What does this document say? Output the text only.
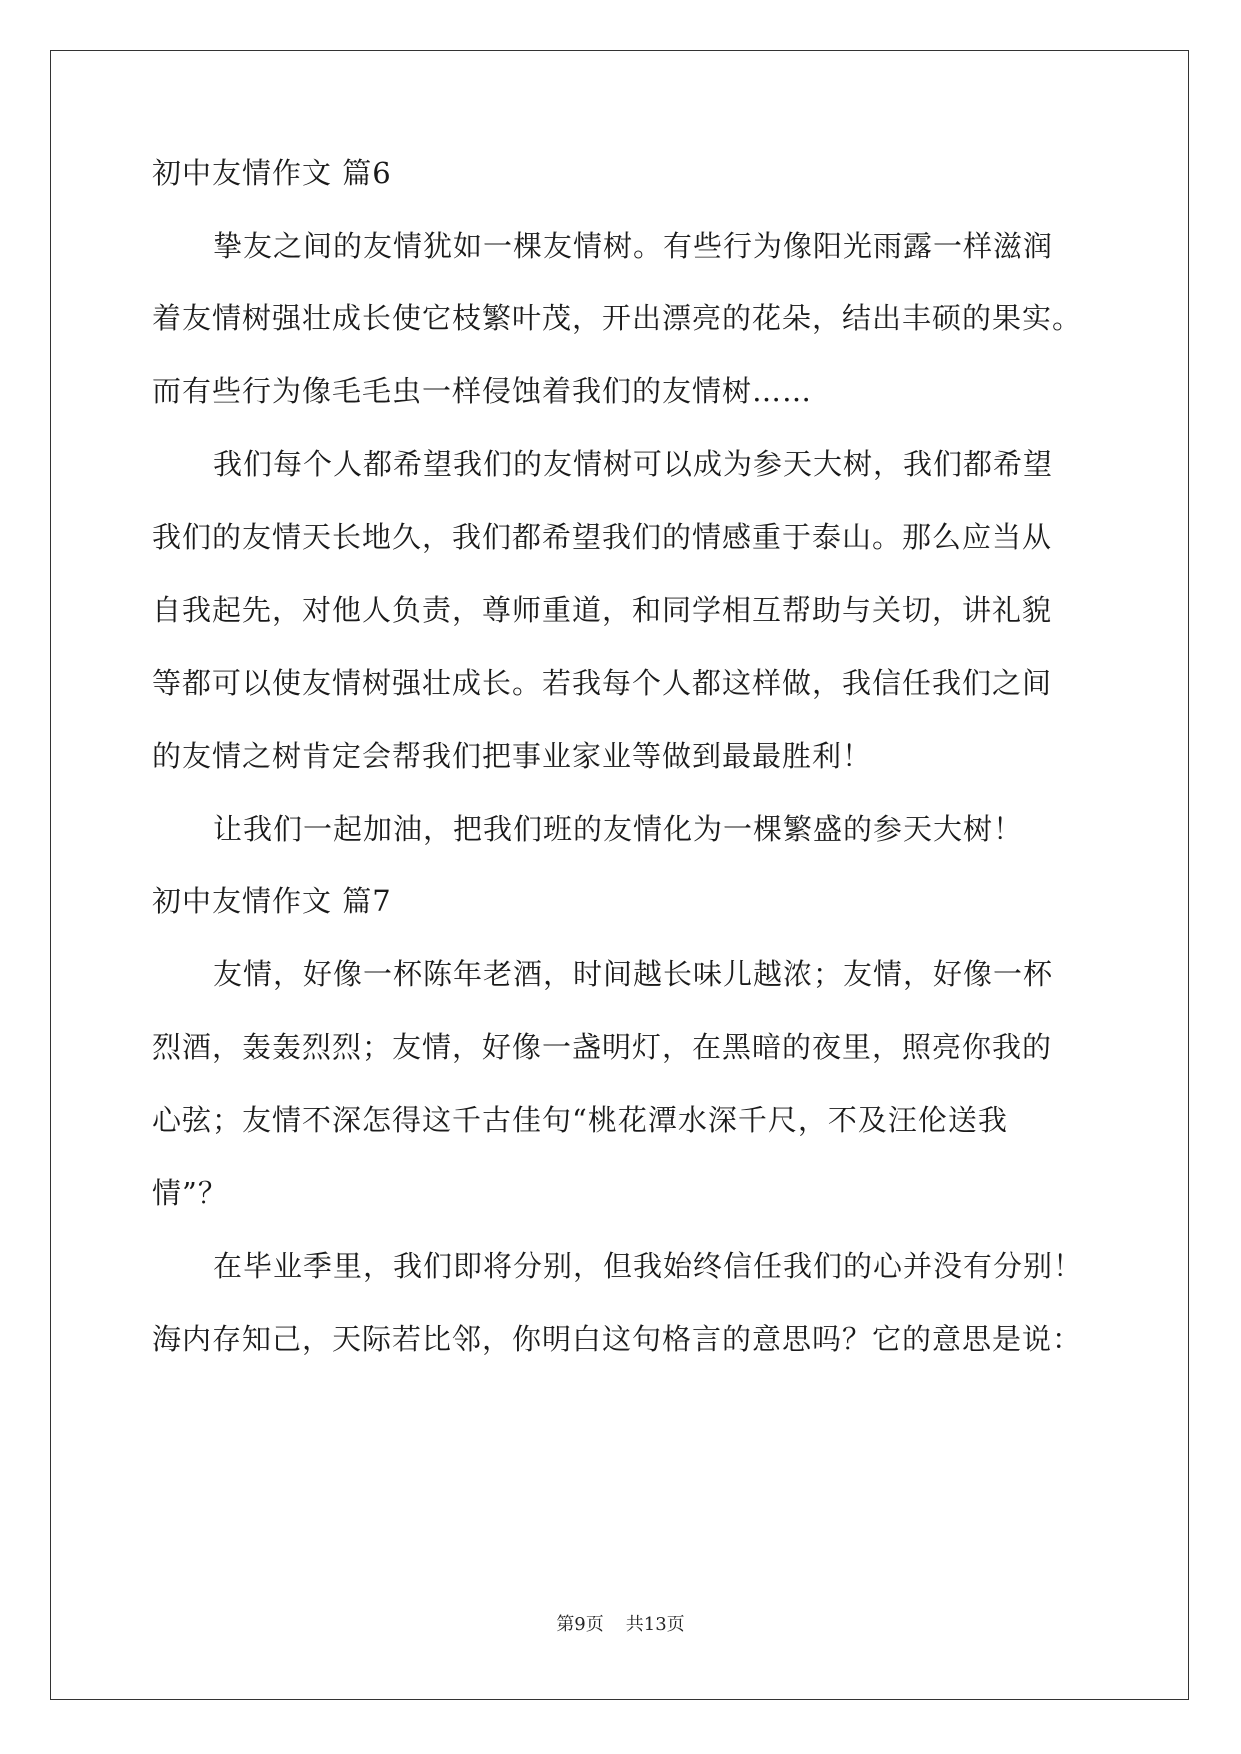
初中友情作文 篇6
挚友之间的友情犹如一棵友情树。有些行为像阳光雨露一样滋润
着友情树强壮成长使它枝繁叶茂，开出漂亮的花朵，结出丰硕的果实。
而有些行为像毛毛虫一样侵蚀着我们的友情树……
我们每个人都希望我们的友情树可以成为参天大树，我们都希望
我们的友情天长地久，我们都希望我们的情感重于泰山。那么应当从
自我起先，对他人负责，尊师重道，和同学相互帮助与关切，讲礼貌
等都可以使友情树强壮成长。若我每个人都这样做，我信任我们之间
的友情之树肯定会帮我们把事业家业等做到最最胜利！
让我们一起加油，把我们班的友情化为一棵繁盛的参天大树！
初中友情作文 篇7
友情，好像一杯陈年老酒，时间越长味儿越浓；友情，好像一杯
烈酒，轰轰烈烈；友情，好像一盏明灯，在黑暗的夜里，照亮你我的
心弦；友情不深怎得这千古佳句“桃花潭水深千尺，不及汪伦送我
情”？
在毕业季里，我们即将分别，但我始终信任我们的心并没有分别！
海内存知己，天际若比邻，你明白这句格言的意思吗？它的意思是说：
第9页 共13页
